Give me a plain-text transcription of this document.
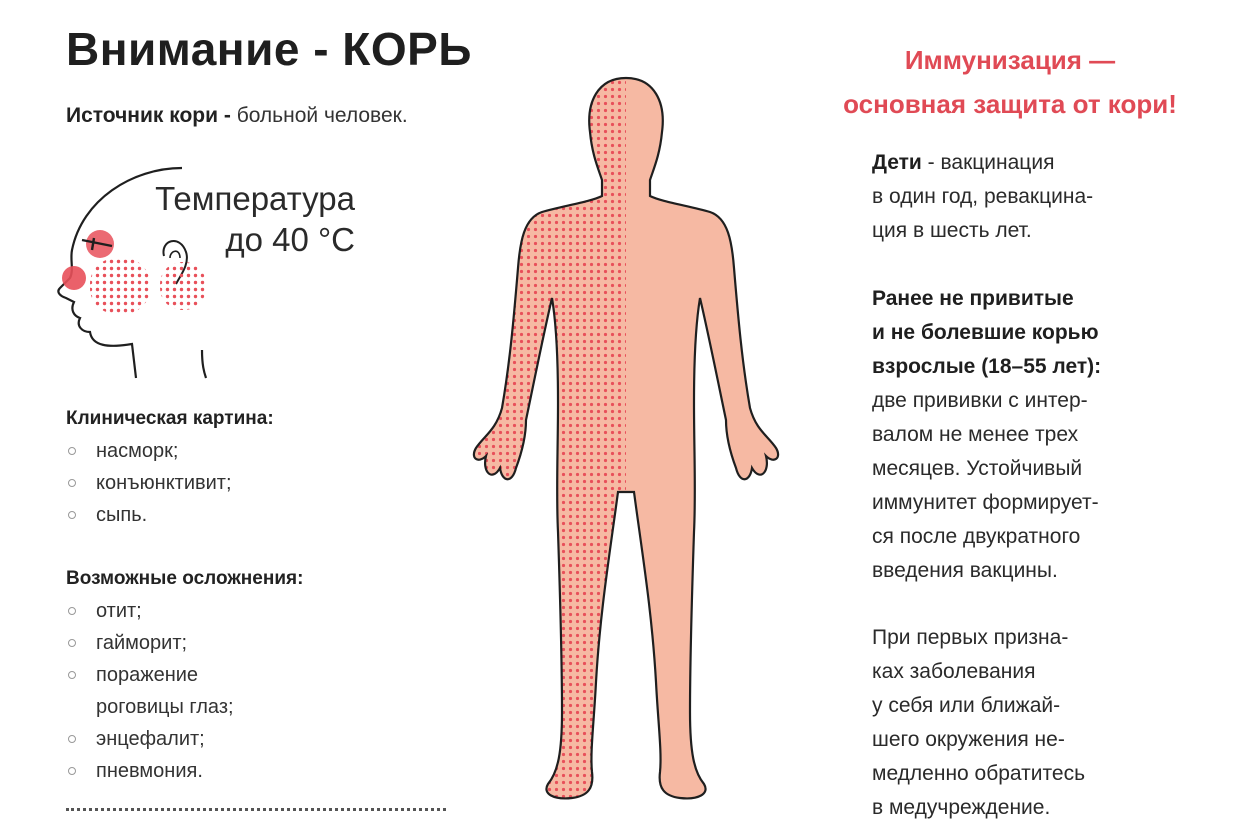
Внимание - КОРЬ
Источник кори - больной человек.
Температура
до 40 °C
Клиническая картина:
насморк;
конъюнктивит;
сыпь.
Возможные осложнения:
отит;
гайморит;
поражение
роговицы глаз;
энцефалит;
пневмония.
Иммунизация —
основная защита от кори!
Дети - вакцинация
в один год, ревакцина-
ция в шесть лет.
Ранее не привитые
и не болевшие корью
взрослые (18–55 лет):
две прививки с интер-
валом не менее трех
месяцев. Устойчивый
иммунитет формирует-
ся после двукратного
введения вакцины.
При первых призна-
ках заболевания
у себя или ближай-
шего окружения не-
медленно обратитесь
в медучреждение.
